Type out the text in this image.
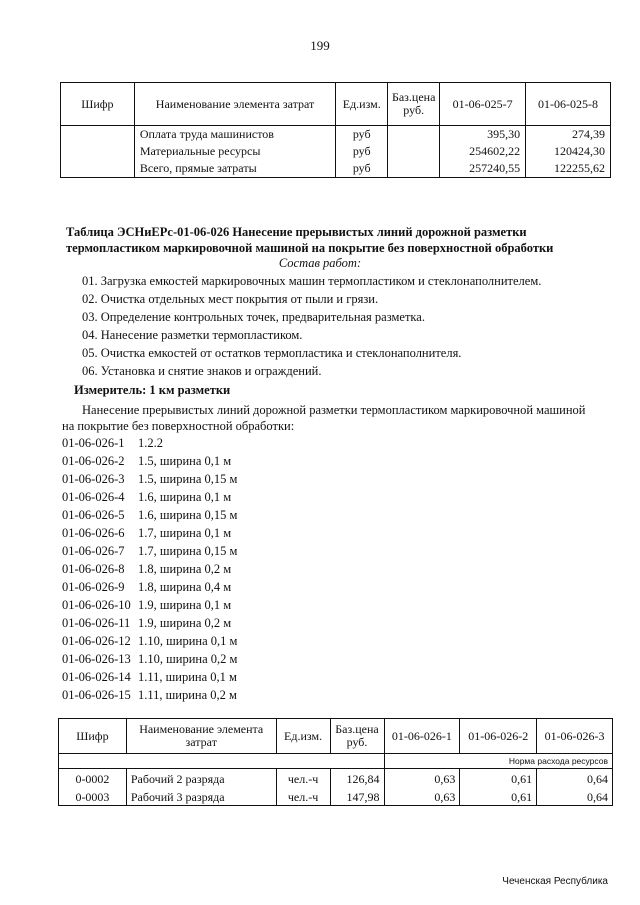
199
Шифр	Наименование элемента затрат	Ед.изм.	Баз.цена руб.	01-06-025-7	01-06-025-8
	Оплата труда машинистов	руб		395,30	274,39
	Материальные ресурсы	руб		254602,22	120424,30
	Всего, прямые затраты	руб		257240,55	122255,62
Таблица ЭСНиЕРс-01-06-026 Нанесение прерывистых линий дорожной разметки
термопластиком маркировочной машиной на покрытие без поверхностной обработки
Состав работ:
01. Загрузка емкостей маркировочных машин термопластиком и стеклонаполнителем.
02. Очистка отдельных мест покрытия от пыли и грязи.
03. Определение контрольных точек, предварительная разметка.
04. Нанесение разметки термопластиком.
05. Очистка емкостей от остатков термопластика и стеклонаполнителя.
06. Установка и снятие знаков и ограждений.
Измеритель: 1 км разметки
Нанесение прерывистых линий дорожной разметки термопластиком маркировочной машиной
на покрытие без поверхностной обработки:
01-06-026-1 1.2.2
01-06-026-2 1.5, ширина 0,1 м
01-06-026-3 1.5, ширина 0,15 м
01-06-026-4 1.6, ширина 0,1 м
01-06-026-5 1.6, ширина 0,15 м
01-06-026-6 1.7, ширина 0,1 м
01-06-026-7 1.7, ширина 0,15 м
01-06-026-8 1.8, ширина 0,2 м
01-06-026-9 1.8, ширина 0,4 м
01-06-026-10 1.9, ширина 0,1 м
01-06-026-11 1.9, ширина 0,2 м
01-06-026-12 1.10, ширина 0,1 м
01-06-026-13 1.10, ширина 0,2 м
01-06-026-14 1.11, ширина 0,1 м
01-06-026-15 1.11, ширина 0,2 м
Шифр	Наименование элемента затрат	Ед.изм.	Баз.цена руб.	01-06-026-1	01-06-026-2	01-06-026-3
				Норма расхода ресурсов		
0-0002	Рабочий 2 разряда	чел.-ч	126,84	0,63	0,61	0,64
0-0003	Рабочий 3 разряда	чел.-ч	147,98	0,63	0,61	0,64
Чеченская Республика
